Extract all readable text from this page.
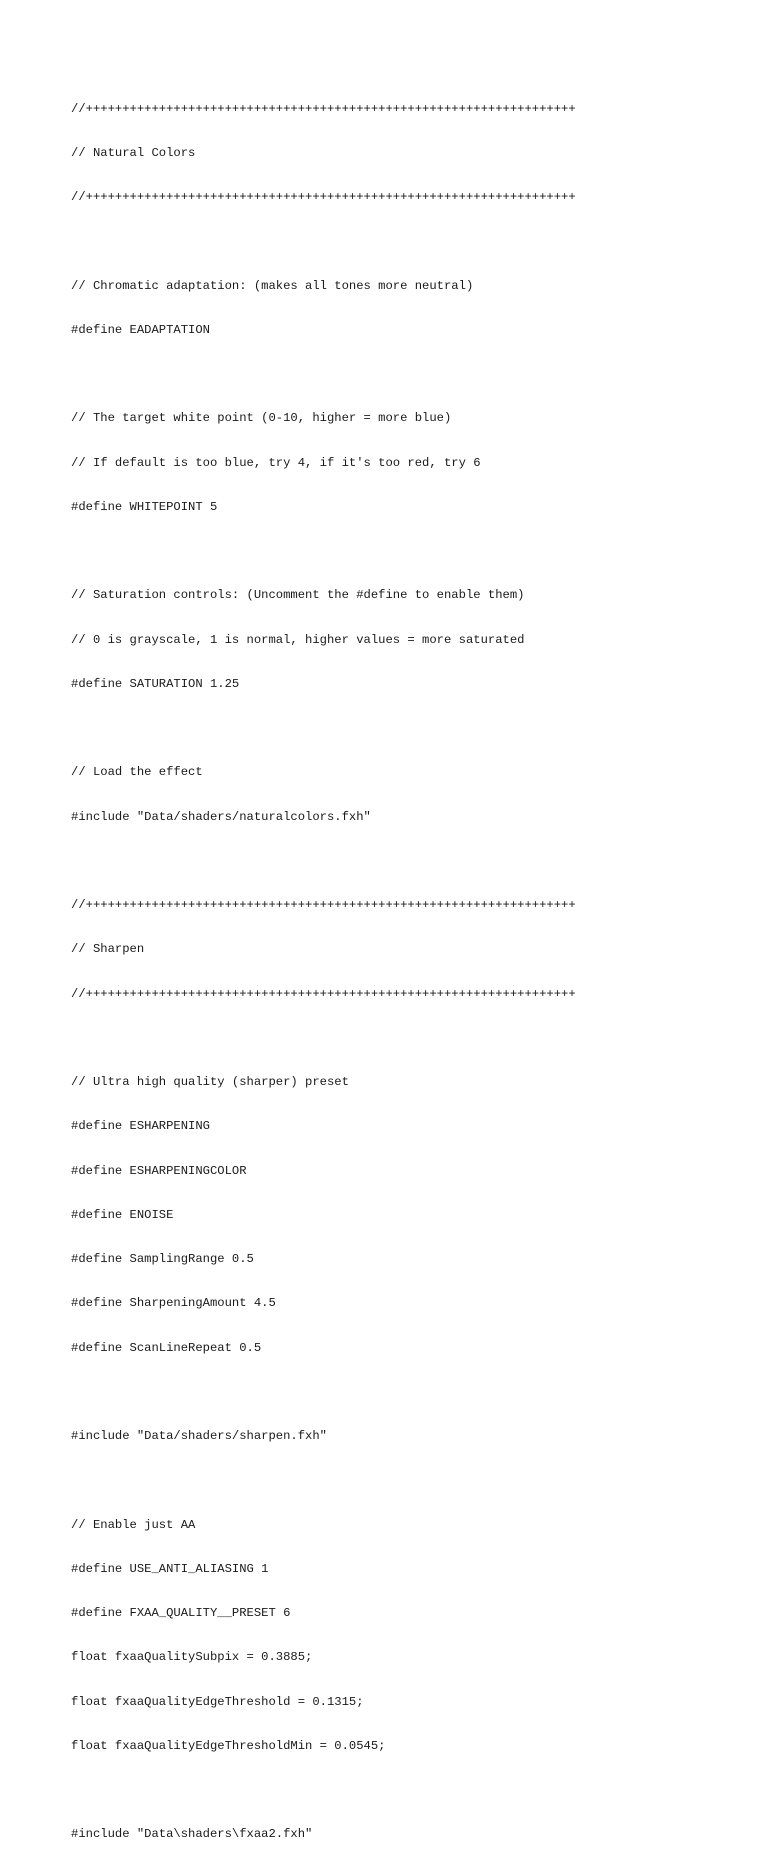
//+++++++++++++++++++++++++++++++++++++++++++++++++++++++++++++++++++

// Natural Colors

//+++++++++++++++++++++++++++++++++++++++++++++++++++++++++++++++++++

// Chromatic adaptation: (makes all tones more neutral)

#define EADAPTATION

// The target white point (0-10, higher = more blue)

// If default is too blue, try 4, if it's too red, try 6

#define WHITEPOINT 5

// Saturation controls: (Uncomment the #define to enable them)

// 0 is grayscale, 1 is normal, higher values = more saturated

#define SATURATION 1.25

// Load the effect

#include "Data/shaders/naturalcolors.fxh"

//+++++++++++++++++++++++++++++++++++++++++++++++++++++++++++++++++++

// Sharpen

//+++++++++++++++++++++++++++++++++++++++++++++++++++++++++++++++++++

// Ultra high quality (sharper) preset

#define ESHARPENING

#define ESHARPENINGCOLOR

#define ENOISE

#define SamplingRange 0.5

#define SharpeningAmount 4.5

#define ScanLineRepeat 0.5

#include "Data/shaders/sharpen.fxh"

// Enable just AA

#define USE_ANTI_ALIASING 1

#define FXAA_QUALITY__PRESET 6

float fxaaQualitySubpix = 0.3885;

float fxaaQualityEdgeThreshold = 0.1315;

float fxaaQualityEdgeThresholdMin = 0.0545;

#include "Data\shaders\fxaa2.fxh"
